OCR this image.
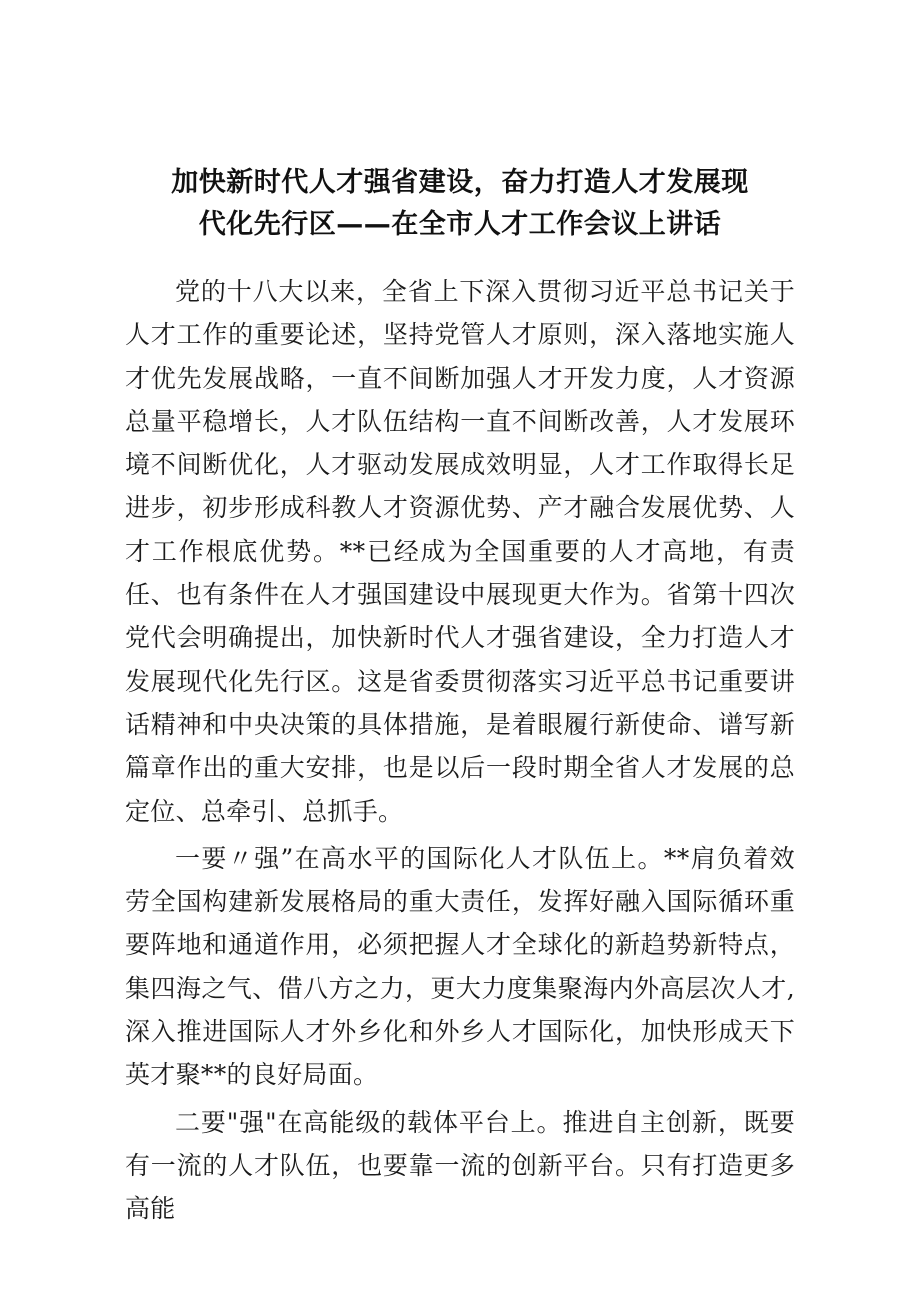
加快新时代人才强省建设，奋力打造人才发展现
代化先行区——在全市人才工作会议上讲话

党的十八大以来，全省上下深入贯彻习近平总书记关于人才工作的重要论述，坚持党管人才原则，深入落地实施人才优先发展战略，一直不间断加强人才开发力度，人才资源总量平稳增长，人才队伍结构一直不间断改善，人才发展环境不间断优化，人才驱动发展成效明显，人才工作取得长足进步，初步形成科教人才资源优势、产才融合发展优势、人才工作根底优势。**已经成为全国重要的人才高地，有责任、也有条件在人才强国建设中展现更大作为。省第十四次党代会明确提出，加快新时代人才强省建设，全力打造人才发展现代化先行区。这是省委贯彻落实习近平总书记重要讲话精神和中央决策的具体措施，是着眼履行新使命、谱写新篇章作出的重大安排，也是以后一段时期全省人才发展的总定位、总牵引、总抓手。

一要〃强”在高水平的国际化人才队伍上。**肩负着效劳全国构建新发展格局的重大责任，发挥好融入国际循环重要阵地和通道作用，必须把握人才全球化的新趋势新特点，集四海之气、借八方之力，更大力度集聚海内外高层次人才,深入推进国际人才外乡化和外乡人才国际化，加快形成天下英才聚**的良好局面。

二要"强"在高能级的载体平台上。推进自主创新，既要有一流的人才队伍，也要靠一流的创新平台。只有打造更多高能
